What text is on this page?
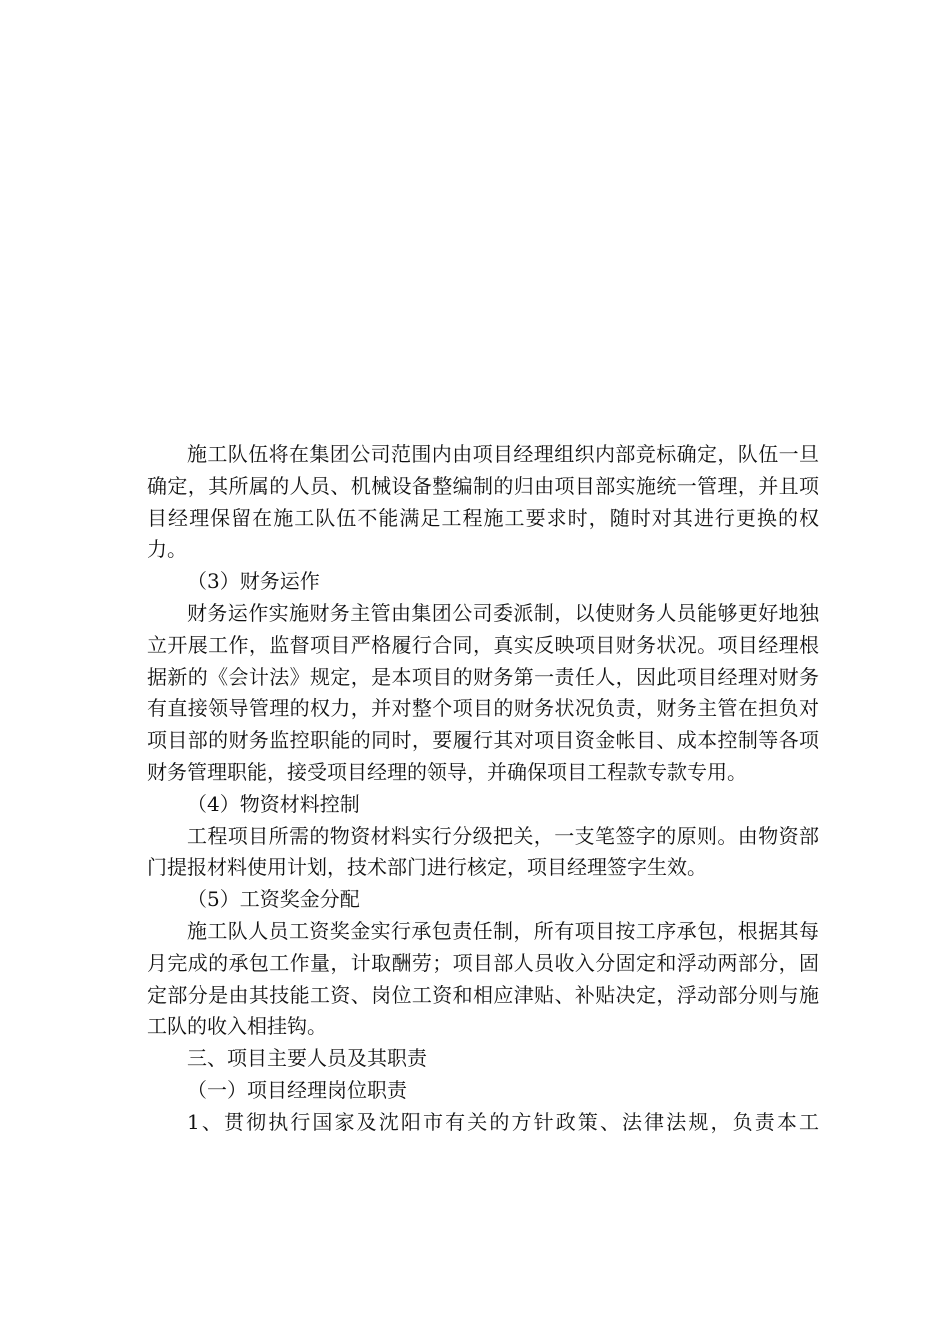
施工队伍将在集团公司范围内由项目经理组织内部竞标确定，队伍一旦确定，其所属的人员、机械设备整编制的归由项目部实施统一管理，并且项目经理保留在施工队伍不能满足工程施工要求时，随时对其进行更换的权力。

（3）财务运作

财务运作实施财务主管由集团公司委派制，以使财务人员能够更好地独立开展工作，监督项目严格履行合同，真实反映项目财务状况。项目经理根据新的《会计法》规定，是本项目的财务第一责任人，因此项目经理对财务有直接领导管理的权力，并对整个项目的财务状况负责，财务主管在担负对项目部的财务监控职能的同时，要履行其对项目资金帐目、成本控制等各项财务管理职能，接受项目经理的领导，并确保项目工程款专款专用。

（4）物资材料控制

工程项目所需的物资材料实行分级把关，一支笔签字的原则。由物资部门提报材料使用计划，技术部门进行核定，项目经理签字生效。

（5）工资奖金分配

施工队人员工资奖金实行承包责任制，所有项目按工序承包，根据其每月完成的承包工作量，计取酬劳；项目部人员收入分固定和浮动两部分，固定部分是由其技能工资、岗位工资和相应津贴、补贴决定，浮动部分则与施工队的收入相挂钩。

三、项目主要人员及其职责

（一）项目经理岗位职责

1、贯彻执行国家及沈阳市有关的方针政策、法律法规，负责本工
